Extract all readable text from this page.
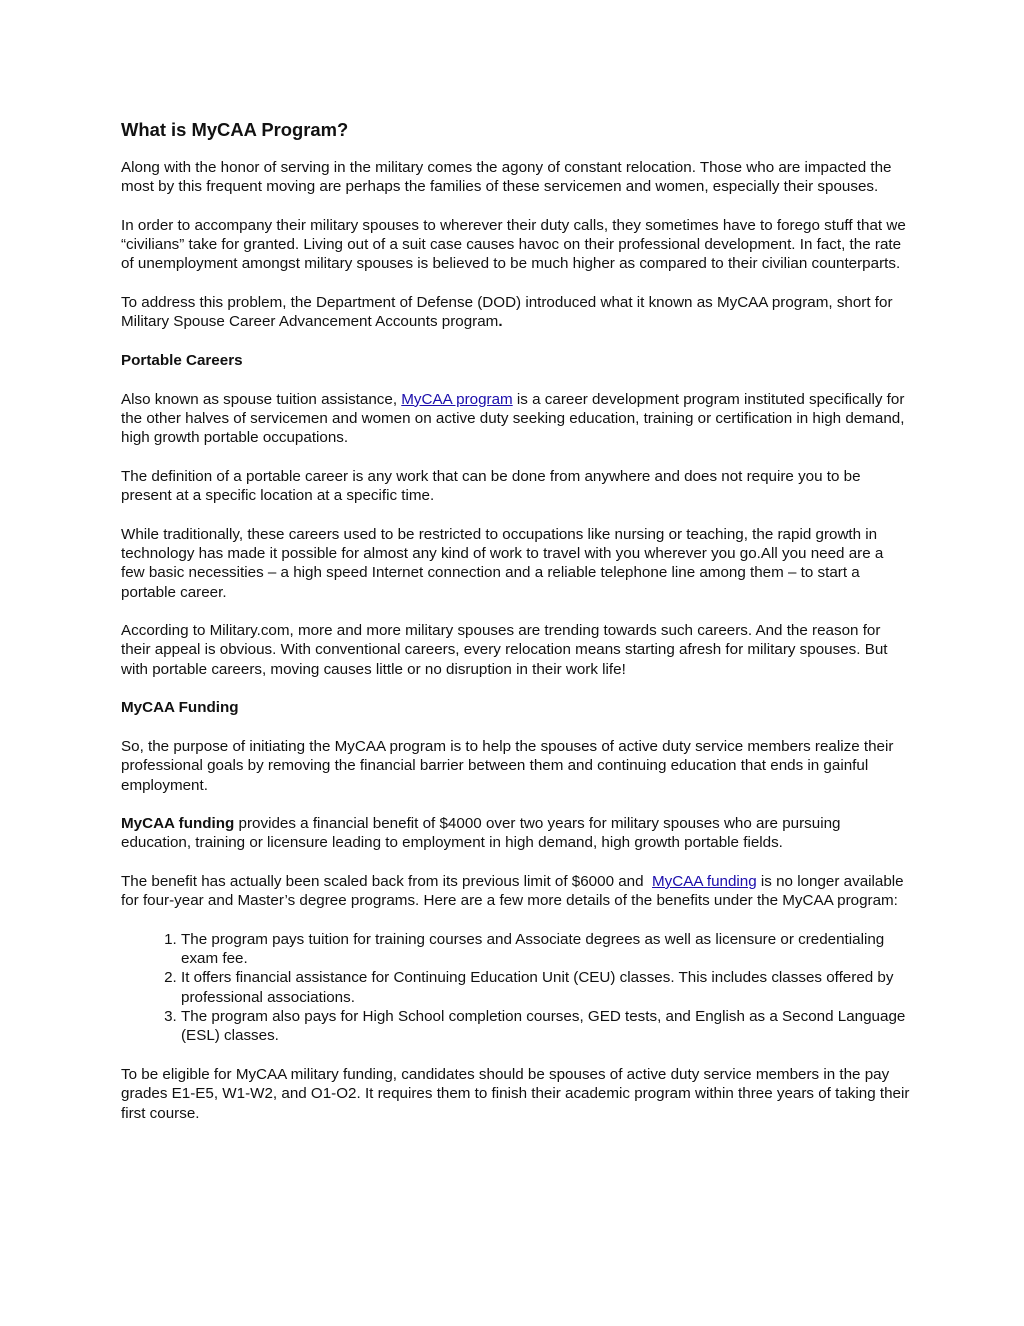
What is MyCAA Program?

Along with the honor of serving in the military comes the agony of constant relocation. Those who are impacted the most by this frequent moving are perhaps the families of these servicemen and women, especially their spouses.

In order to accompany their military spouses to wherever their duty calls, they sometimes have to forego stuff that we “civilians” take for granted. Living out of a suit case causes havoc on their professional development. In fact, the rate of unemployment amongst military spouses is believed to be much higher as compared to their civilian counterparts.

To address this problem, the Department of Defense (DOD) introduced what it known as MyCAA program, short for Military Spouse Career Advancement Accounts program.

Portable Careers

Also known as spouse tuition assistance, MyCAA program is a career development program instituted specifically for the other halves of servicemen and women on active duty seeking education, training or certification in high demand, high growth portable occupations.

The definition of a portable career is any work that can be done from anywhere and does not require you to be present at a specific location at a specific time.

While traditionally, these careers used to be restricted to occupations like nursing or teaching, the rapid growth in technology has made it possible for almost any kind of work to travel with you wherever you go.All you need are a few basic necessities – a high speed Internet connection and a reliable telephone line among them – to start a portable career.

According to Military.com, more and more military spouses are trending towards such careers. And the reason for their appeal is obvious. With conventional careers, every relocation means starting afresh for military spouses. But with portable careers, moving causes little or no disruption in their work life!

MyCAA Funding

So, the purpose of initiating the MyCAA program is to help the spouses of active duty service members realize their professional goals by removing the financial barrier between them and continuing education that ends in gainful employment.

MyCAA funding provides a financial benefit of $4000 over two years for military spouses who are pursuing education, training or licensure leading to employment in high demand, high growth portable fields.

The benefit has actually been scaled back from its previous limit of $6000 and  MyCAA funding is no longer available for four-year and Master’s degree programs. Here are a few more details of the benefits under the MyCAA program:

1. The program pays tuition for training courses and Associate degrees as well as licensure or credentialing exam fee.
2. It offers financial assistance for Continuing Education Unit (CEU) classes. This includes classes offered by professional associations.
3. The program also pays for High School completion courses, GED tests, and English as a Second Language (ESL) classes.

To be eligible for MyCAA military funding, candidates should be spouses of active duty service members in the pay grades E1-E5, W1-W2, and O1-O2. It requires them to finish their academic program within three years of taking their first course.
